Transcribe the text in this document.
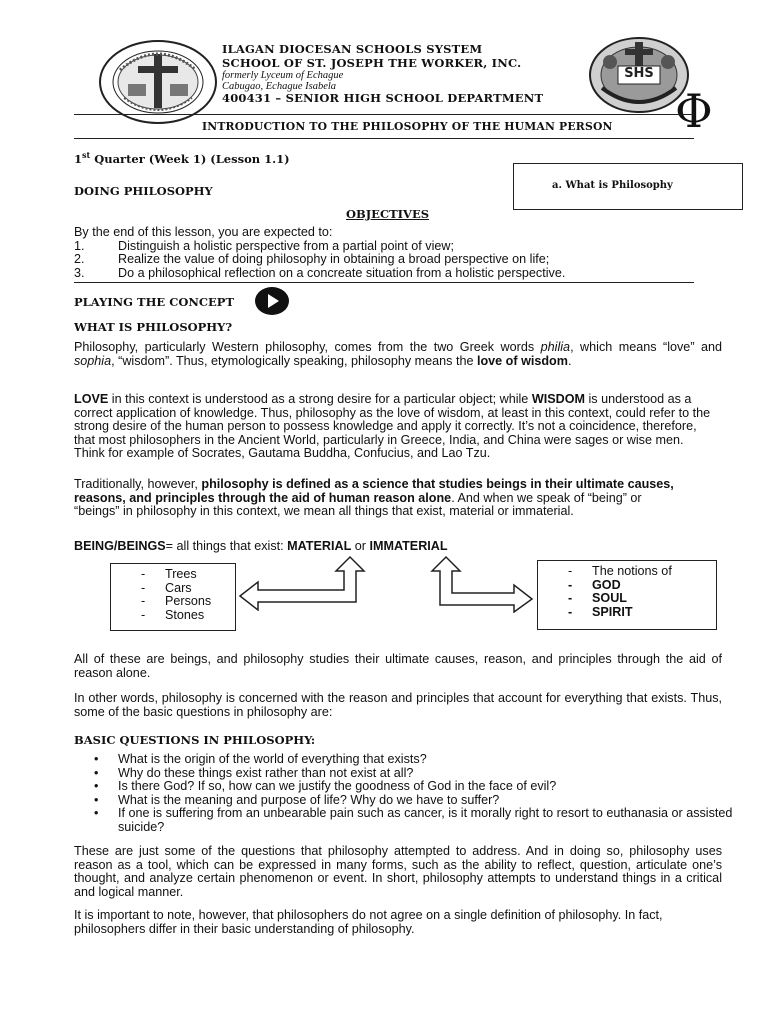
ILAGAN DIOCESAN SCHOOLS SYSTEM
SCHOOL OF ST. JOSEPH THE WORKER, INC.
formerly Lyceum of Echague
Cabugao, Echague Isabela
400431 – SENIOR HIGH SCHOOL DEPARTMENT
SHS
Φ
INTRODUCTION TO THE PHILOSOPHY OF THE HUMAN PERSON
1st Quarter (Week 1) (Lesson 1.1)
DOING PHILOSOPHY	a. What is Philosophy
OBJECTIVES
By the end of this lesson, you are expected to:
1.	Distinguish a holistic perspective from a partial point of view;
2.	Realize the value of doing philosophy in obtaining a broad perspective on life;
3.	Do a philosophical reflection on a concreate situation from a holistic perspective.
PLAYING THE CONCEPT
WHAT IS PHILOSOPHY?
Philosophy, particularly Western philosophy, comes from the two Greek words philia, which means “love” and sophia, “wisdom”. Thus, etymologically speaking, philosophy means the love of wisdom.
LOVE in this context is understood as a strong desire for a particular object; while WISDOM is understood as a correct application of knowledge. Thus, philosophy as the love of wisdom, at least in this context, could refer to the strong desire of the human person to possess knowledge and apply it correctly. It’s not a coincidence, therefore, that most philosophers in the Ancient World, particularly in Greece, India, and China were sages or wise men. Think for example of Socrates, Gautama Buddha, Confucius, and Lao Tzu.
Traditionally, however, philosophy is defined as a science that studies beings in their ultimate causes, reasons, and principles through the aid of human reason alone. And when we speak of “being” or “beings” in philosophy in this context, we mean all things that exist, material or immaterial.
BEING/BEINGS= all things that exist: MATERIAL or IMMATERIAL
- Trees
- Cars
- Persons
- Stones
- The notions of
- GOD
- SOUL
- SPIRIT
All of these are beings, and philosophy studies their ultimate causes, reason, and principles through the aid of reason alone.
In other words, philosophy is concerned with the reason and principles that account for everything that exists. Thus, some of the basic questions in philosophy are:
BASIC QUESTIONS IN PHILOSOPHY:
• What is the origin of the world of everything that exists?
• Why do these things exist rather than not exist at all?
• Is there God? If so, how can we justify the goodness of God in the face of evil?
• What is the meaning and purpose of life? Why do we have to suffer?
• If one is suffering from an unbearable pain such as cancer, is it morally right to resort to euthanasia or assisted suicide?
These are just some of the questions that philosophy attempted to address. And in doing so, philosophy uses reason as a tool, which can be expressed in many forms, such as the ability to reflect, question, articulate one’s thought, and analyze certain phenomenon or event. In short, philosophy attempts to understand things in a critical and logical manner.
It is important to note, however, that philosophers do not agree on a single definition of philosophy. In fact, philosophers differ in their basic understanding of philosophy.
